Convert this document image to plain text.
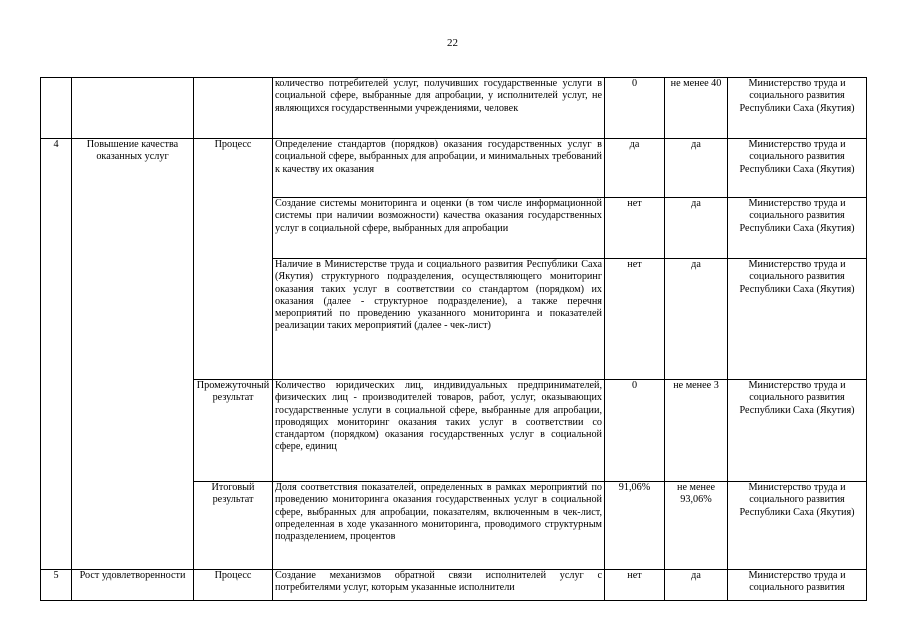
22
			количество потребителей услуг, получивших государственные услуги в социальной сфере, выбранные для апробации, у исполнителей услуг, не являющихся государственными учреждениями, человек	0	не менее 40	Министерство труда и социального развития Республики Саха (Якутия)
4	Повышение качества оказанных услуг	Процесс	Определение стандартов (порядков) оказания государственных услуг в социальной сфере, выбранных для апробации, и минимальных требований к качеству их оказания	да	да	Министерство труда и социального развития Республики Саха (Якутия)
			Создание системы мониторинга и оценки (в том числе информационной системы при наличии возможности) качества оказания государственных услуг в социальной сфере, выбранных для апробации	нет	да	Министерство труда и социального развития Республики Саха (Якутия)
			Наличие в Министерстве труда и социального развития Республики Саха (Якутия) структурного подразделения, осуществляющего мониторинг оказания таких услуг в соответствии со стандартом (порядком) их оказания (далее - структурное подразделение), а также перечня мероприятий по проведению указанного мониторинга и показателей реализации таких мероприятий (далее - чек-лист)	нет	да	Министерство труда и социального развития Республики Саха (Якутия)
		Промежуточный результат	Количество юридических лиц, индивидуальных предпринимателей, физических лиц - производителей товаров, работ, услуг, оказывающих государственные услуги в социальной сфере, выбранные для апробации, проводящих мониторинг оказания таких услуг в соответствии со стандартом (порядком) оказания государственных услуг в социальной сфере, единиц	0	не менее 3	Министерство труда и социального развития Республики Саха (Якутия)
		Итоговый результат	Доля соответствия показателей, определенных в рамках мероприятий по проведению мониторинга оказания государственных услуг в социальной сфере, выбранных для апробации, показателям, включенным в чек-лист, определенная в ходе указанного мониторинга, проводимого структурным подразделением, процентов	91,06%	не менее 93,06%	Министерство труда и социального развития Республики Саха (Якутия)
5	Рост удовлетворенности	Процесс	Создание механизмов обратной связи исполнителей услуг с потребителями услуг, которым указанные исполнители	нет	да	Министерство труда и социального развития
